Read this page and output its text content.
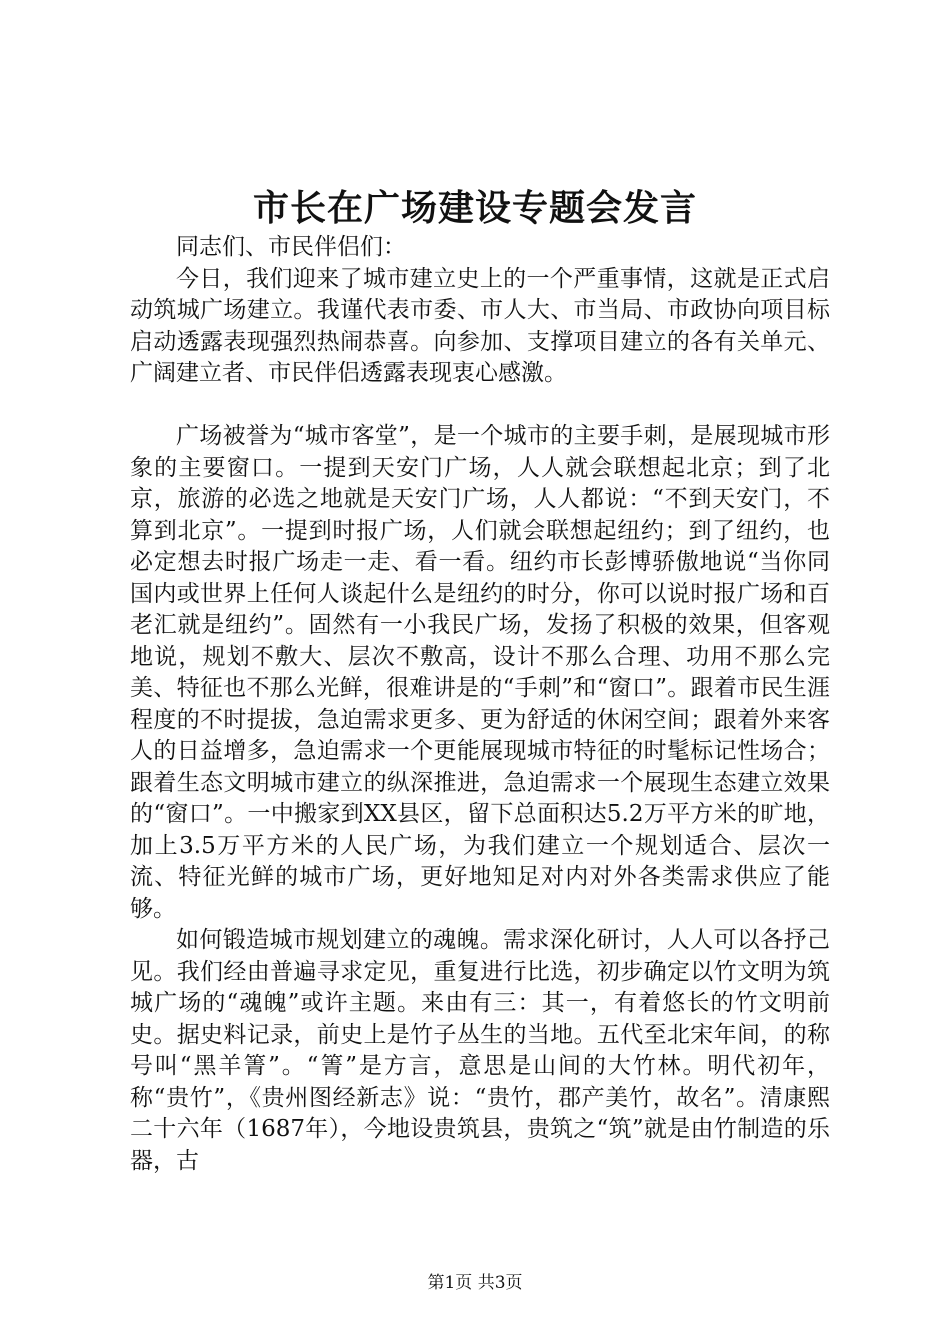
市长在广场建设专题会发言

同志们、市民伴侣们：

今日，我们迎来了城市建立史上的一个严重事情，这就是正式启动筑城广场建立。我谨代表市委、市人大、市当局、市政协向项目标启动透露表现强烈热闹恭喜。向参加、支撑项目建立的各有关单元、广阔建立者、市民伴侣透露表现衷心感激。

广场被誉为“城市客堂”，是一个城市的主要手刺，是展现城市形象的主要窗口。一提到天安门广场，人人就会联想起北京；到了北京，旅游的必选之地就是天安门广场，人人都说：“不到天安门，不算到北京”。一提到时报广场，人们就会联想起纽约；到了纽约，也必定想去时报广场走一走、看一看。纽约市长彭博骄傲地说“当你同国内或世界上任何人谈起什么是纽约的时分，你可以说时报广场和百老汇就是纽约”。固然有一小我民广场，发扬了积极的效果，但客观地说，规划不敷大、层次不敷高，设计不那么合理、功用不那么完美、特征也不那么光鲜，很难讲是的“手刺”和“窗口”。跟着市民生涯程度的不时提拔，急迫需求更多、更为舒适的休闲空间；跟着外来客人的日益增多，急迫需求一个更能展现城市特征的时髦标记性场合；跟着生态文明城市建立的纵深推进，急迫需求一个展现生态建立效果的“窗口”。一中搬家到XX县区，留下总面积达5.2万平方米的旷地，加上3.5万平方米的人民广场，为我们建立一个规划适合、层次一流、特征光鲜的城市广场，更好地知足对内对外各类需求供应了能够。

如何锻造城市规划建立的魂魄。需求深化研讨，人人可以各抒己见。我们经由普遍寻求定见，重复进行比选，初步确定以竹文明为筑城广场的“魂魄”或许主题。来由有三：其一，有着悠长的竹文明前史。据史料记录，前史上是竹子丛生的当地。五代至北宋年间，的称号叫“黑羊箐”。“箐”是方言，意思是山间的大竹林。明代初年，称“贵竹”，《贵州图经新志》说：“贵竹，郡产美竹，故名”。清康熙二十六年（1687年），今地设贵筑县，贵筑之“筑”就是由竹制造的乐器，古

第1页 共3页
